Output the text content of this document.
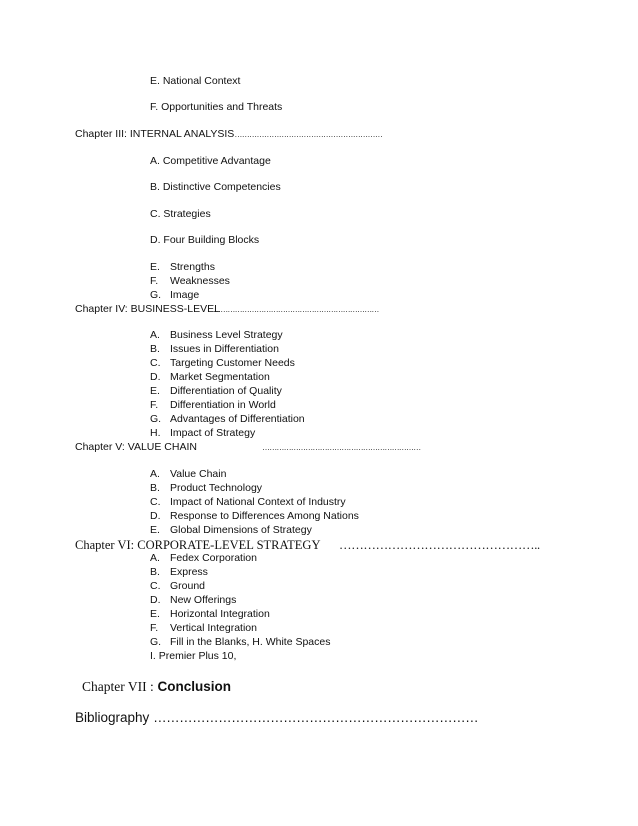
E. National Context
F. Opportunities and Threats
Chapter III: INTERNAL ANALYSIS……………………………………………………
A. Competitive Advantage
B. Distinctive Competencies
C. Strategies
D. Four Building Blocks
E. Strengths
F. Weaknesses
G. Image
Chapter IV: BUSINESS-LEVEL
……………………………………………………………
A. Business Level Strategy
B. Issues in Differentiation
C. Targeting Customer Needs
D. Market Segmentation
E. Differentiation of Quality
F. Differentiation in World
G. Advantages of Differentiation
H. Impact of Strategy
Chapter V: VALUE CHAIN	…………………………………………………………
A. Value Chain
B. Product Technology
C. Impact of National Context of Industry
D. Response to Differences Among Nations
E. Global Dimensions of Strategy
Chapter VI: CORPORATE-LEVEL STRATEGY …………………………………………..
A. Fedex Corporation
B. Express
C. Ground
D. New Offerings
E. Horizontal Integration
F. Vertical Integration
G. Fill in the Blanks, H. White Spaces
I. Premier Plus 10,
Chapter VII : Conclusion
Bibliography …………………………………………………………………
